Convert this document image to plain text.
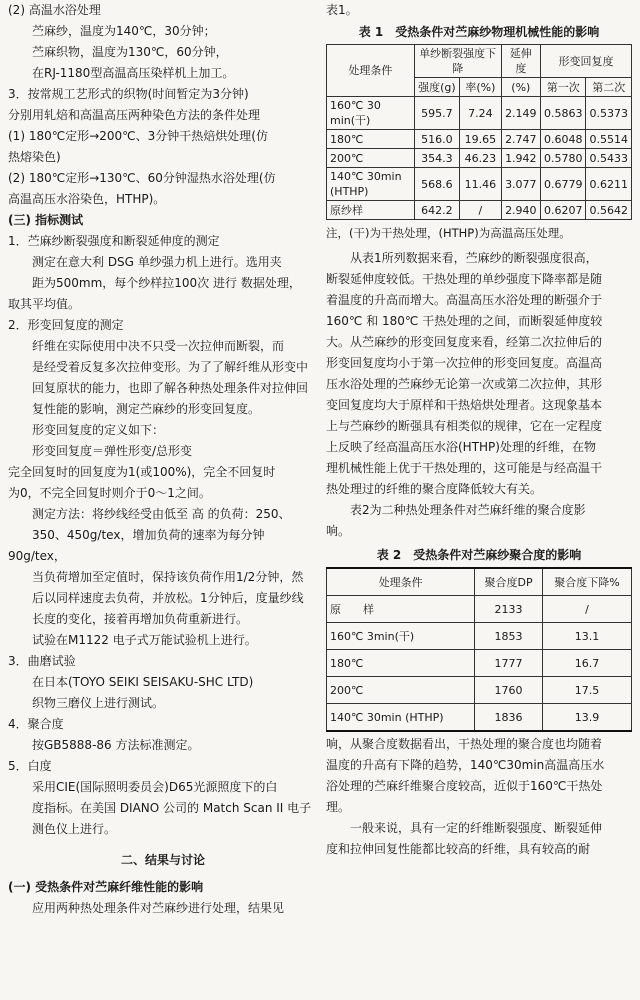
(2) 高温水浴处理
苎麻纱，温度为140℃，30分钟；
苎麻织物，温度为130℃，60分钟，
在RJ-1180型高温高压染样机上加工。
3．按常规工艺形式的织物(时间暂定为3分钟)
分别用轧焙和高温高压两种染色方法的条件处理
(1) 180℃定形→200℃、3分钟干热焙烘处理(仿
热熔染色)
(2) 180℃定形→130℃、60分钟湿热水浴处理(仿
高温高压水浴染色，HTHP)。
(三) 指标测试
1．苎麻纱断裂强度和断裂延伸度的测定
测定在意大利 DSG 单纱强力机上进行。选用夹
距为500mm，每个纱样拉100次 进行 数据处理，
取其平均值。
2．形变回复度的测定
纤维在实际使用中决不只受一次拉伸而断裂，而
是经受着反复多次拉伸变形。为了了解纤维从形变中
回复原状的能力，也即了解各种热处理条件对拉伸回
复性能的影响，测定苎麻纱的形变回复度。
形变回复度的定义如下：
形变回复度＝弹性形变/总形变
完全回复时的回复度为1(或100%)，完全不回复时
为0，不完全回复时则介于0～1之间。
测定方法：将纱线经受由低至 高 的负荷：250、
350、450g/tex，增加负荷的速率为每分钟90g/tex，
当负荷增加至定值时，保持该负荷作用1/2分钟，然
后以同样速度去负荷，并放松。1分钟后，度量纱线
长度的变化，接着再增加负荷重新进行。
试验在M1122 电子式万能试验机上进行。
3．曲磨试验
在日本(TOYO SEIKI SEISAKU-SHC LTD)
织物三磨仪上进行测试。
4．聚合度
按GB5888-86 方法标准测定。
5．白度
采用CIE(国际照明委员会)D65光源照度下的白
度指标。在美国 DIANO 公司的 Match Scan II 电子
测色仪上进行。
二、结果与讨论
(一) 受热条件对苎麻纤维性能的影响
应用两种热处理条件对苎麻纱进行处理，结果见
表1。
表 1　受热条件对苎麻纱物理机械性能的影响
处理条件	单纱断裂强度下降		延伸度	形变回复度	
	强度(g)	率(%)	(%)	第一次	第二次
160℃ 30 min(干)	595.7	7.24	2.149	0.5863	0.5373
180℃	516.0	19.65	2.747	0.6048	0.5514
200℃	354.3	46.23	1.942	0.5780	0.5433
140℃ 30min (HTHP)	568.6	11.46	3.077	0.6779	0.6211
原纱样	642.2	/	2.940	0.6207	0.5642
注，(干)为干热处理，(HTHP)为高温高压处理。
从表1所列数据来看，苎麻纱的断裂强度很高，
断裂延伸度较低。干热处理的单纱强度下降率都是随
着温度的升高而增大。高温高压水浴处理的断强介于
160℃ 和 180℃ 干热处理的之间，而断裂延伸度较
大。从苎麻纱的形变回复度来看，经第二次拉伸后的
形变回复度均小于第一次拉伸的形变回复度。高温高
压水浴处理的苎麻纱无论第一次或第二次拉伸，其形
变回复度均大于原样和干热焙烘处理者。这现象基本
上与苎麻纱的断强具有相类似的规律，它在一定程度
上反映了经高温高压水浴(HTHP)处理的纤维，在物
理机械性能上优于干热处理的，这可能是与经高温干
热处理过的纤维的聚合度降低较大有关。
表2为二种热处理条件对苎麻纤维的聚合度影
响。
表 2　受热条件对苎麻纱聚合度的影响
处理条件	聚合度DP	聚合度下降%
原　　样	2133	/
160℃ 3min(干)	1853	13.1
180℃	1777	16.7
200℃	1760	17.5
140℃ 30min (HTHP)	1836	13.9
响，从聚合度数据看出，干热处理的聚合度也均随着
温度的升高有下降的趋势，140℃30min高温高压水
浴处理的苎麻纤维聚合度较高，近似于160℃干热处
理。
一般来说，具有一定的纤维断裂强度、断裂延伸
度和拉伸回复性能都比较高的纤维，具有较高的耐
